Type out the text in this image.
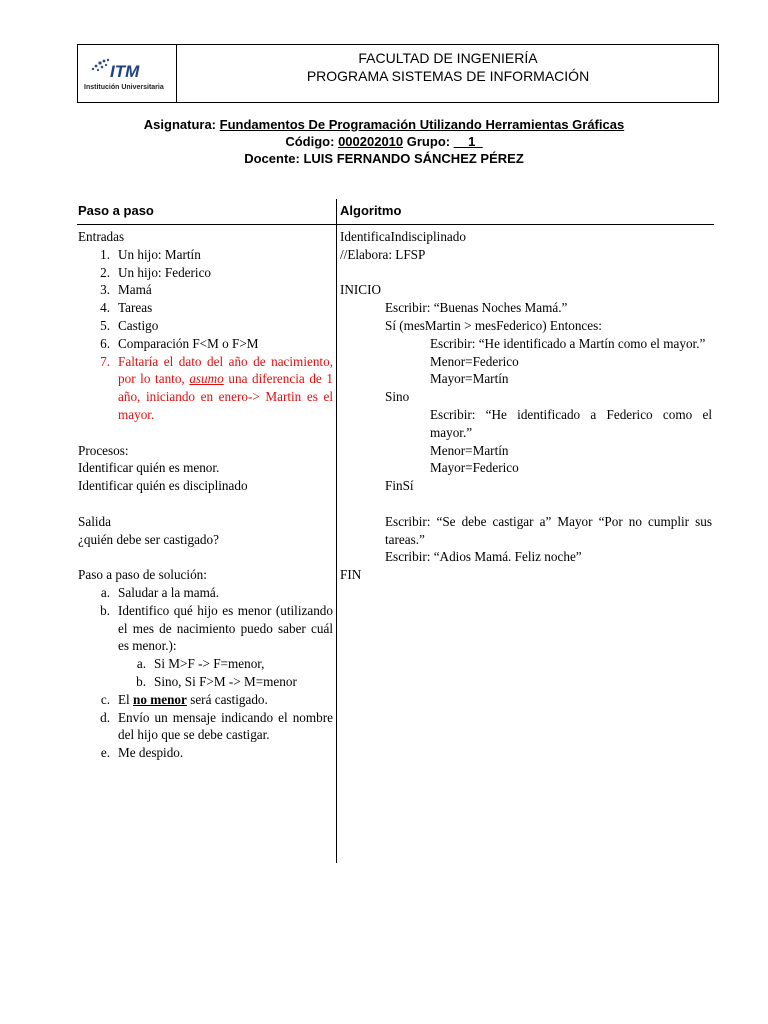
ITM
Institución Universitaria
FACULTAD DE INGENIERÍA
PROGRAMA SISTEMAS DE INFORMACIÓN
Asignatura: Fundamentos De Programación Utilizando Herramientas Gráficas
Código: 000202010 Grupo: __1_
Docente: LUIS FERNANDO SÁNCHEZ PÉREZ
Paso a paso	Algoritmo
Entradas
1. Un hijo: Martín
2. Un hijo: Federico
3. Mamá
4. Tareas
5. Castigo
6. Comparación F<M o F>M
7. Faltaría el dato del año de nacimiento, por lo tanto, asumo una diferencia de 1 año, iniciando en enero-> Martin es el mayor.
Procesos:
Identificar quién es menor.
Identificar quién es disciplinado
Salida
¿quién debe ser castigado?
Paso a paso de solución:
a. Saludar a la mamá.
b. Identifico qué hijo es menor (utilizando el mes de nacimiento puedo saber cuál es menor.):
a. Si M>F -> F=menor,
b. Sino, Si F>M -> M=menor
c. El no menor será castigado.
d. Envío un mensaje indicando el nombre del hijo que se debe castigar.
e. Me despido.
IdentificaIndisciplinado
//Elabora: LFSP
INICIO
Escribir: “Buenas Noches Mamá.”
Sí (mesMartin > mesFederico) Entonces:
Escribir: “He identificado a Martín como el mayor.”
Menor=Federico
Mayor=Martín
Sino
Escribir: “He identificado a Federico como el mayor.”
Menor=Martín
Mayor=Federico
FinSí
Escribir: “Se debe castigar a” Mayor “Por no cumplir sus tareas.”
Escribir: “Adios Mamá. Feliz noche”
FIN
